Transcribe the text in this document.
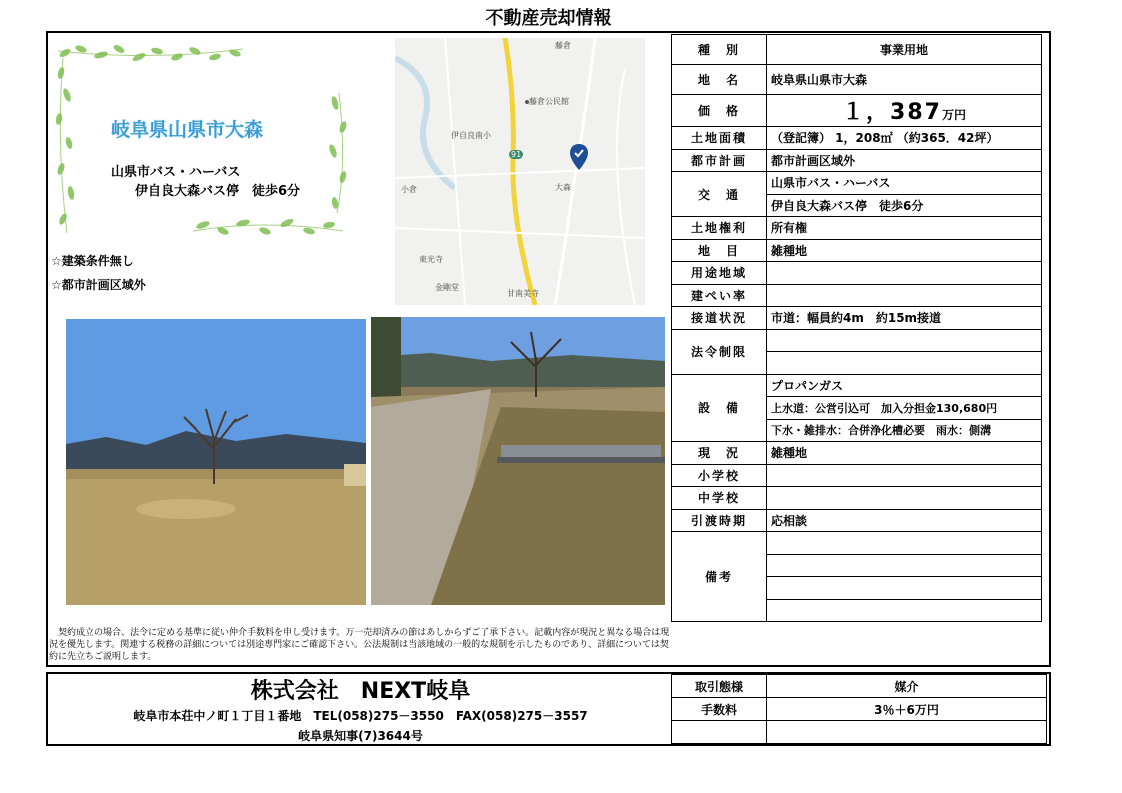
不動産売却情報
岐阜県山県市大森
山県市バス・ハーバス
伊自良大森バス停　徒歩6分
藤倉
藤倉公民館
伊自良南小
91
大森
小倉
東光寺
金剛堂
甘南美寺
☆建築条件無し
☆都市計画区域外
　契約成立の場合、法令に定める基準に従い仲介手数料を申し受けます。万一売却済みの節はあしからずご了承下さい。記載内容が現況と異なる場合は現況を優先します。関連する税務の詳細については別途専門家にご確認下さい。公法規制は当該地域の一般的な規制を示したものであり、詳細については契約に先立ちご説明します。
種　別	事業用地
地　名	岐阜県山県市大森
価　格	１，387万円
土地面積	（登記簿） 1，208㎡ （約365．42坪）
都市計画	都市計画区域外
交　通	山県市バス・ハーバス
	伊自良大森バス停　徒歩6分
土地権利	所有権
地　目	雑種地
用途地域	
建ぺい率	
接道状況	市道：幅員約4m　約15m接道
法令制限	

設　備	プロパンガス
	上水道：公営引込可　加入分担金130,680円
	下水・雑排水：合併浄化槽必要　雨水：側溝
現　況	雑種地
小学校	
中学校	
引渡時期	応相談
備考	

株式会社　NEXT岐阜
岐阜市本荘中ノ町１丁目１番地　TEL(058)275－3550　FAX(058)275－3557
岐阜県知事(7)3644号
取引態様	媒介
手数料	3％＋6万円
